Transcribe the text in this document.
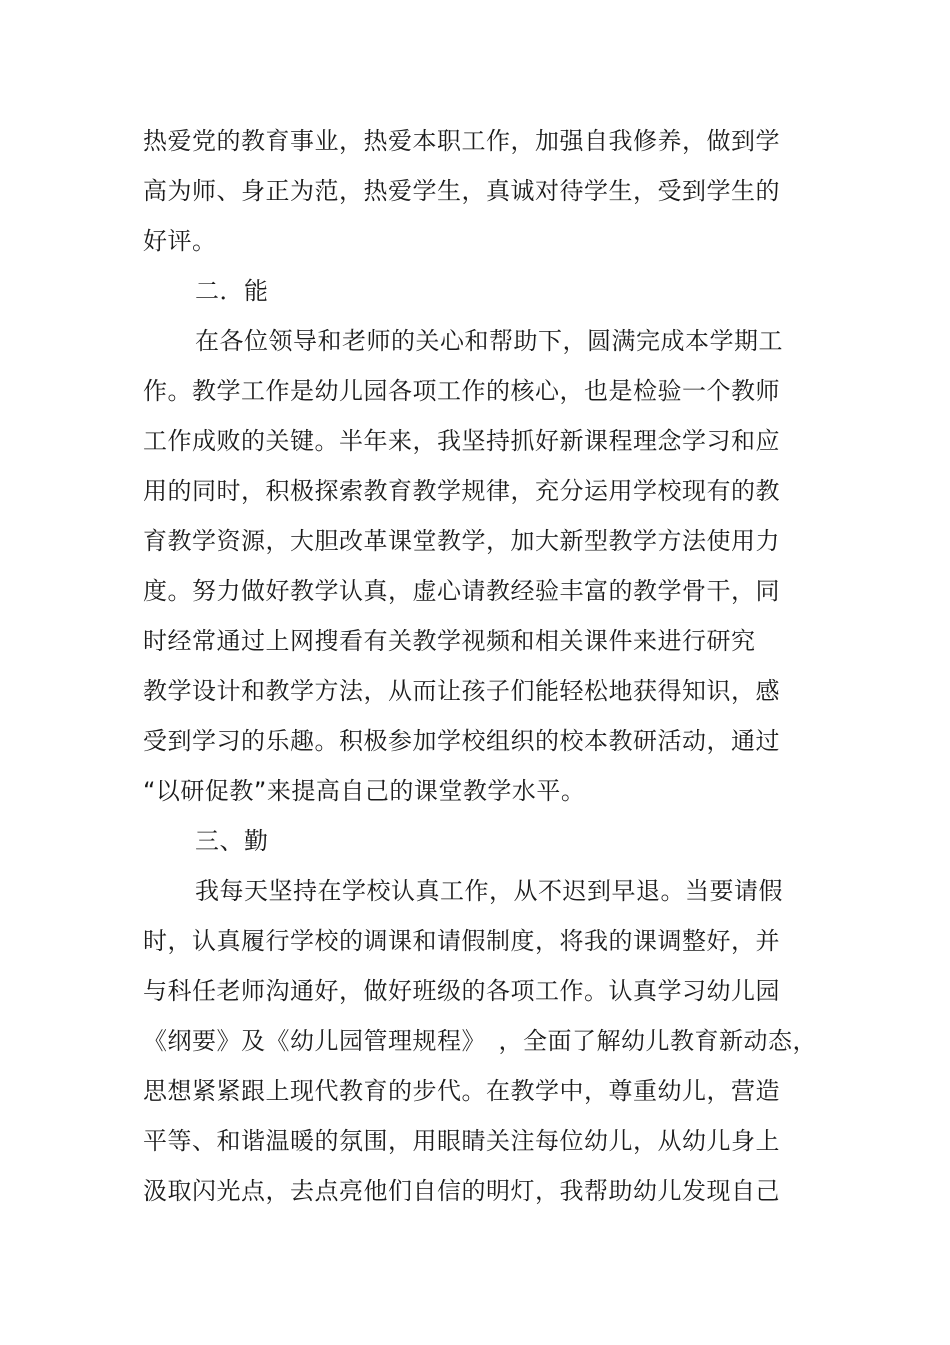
热爱党的教育事业，热爱本职工作，加强自我修养，做到学
高为师、身正为范，热爱学生，真诚对待学生，受到学生的
好评。
二．能
在各位领导和老师的关心和帮助下，圆满完成本学期工
作。教学工作是幼儿园各项工作的核心，也是检验一个教师
工作成败的关键。半年来，我坚持抓好新课程理念学习和应
用的同时，积极探索教育教学规律，充分运用学校现有的教
育教学资源，大胆改革课堂教学，加大新型教学方法使用力
度。努力做好教学认真，虚心请教经验丰富的教学骨干，同
时经常通过上网搜看有关教学视频和相关课件来进行研究
教学设计和教学方法，从而让孩子们能轻松地获得知识，感
受到学习的乐趣。积极参加学校组织的校本教研活动，通过
“以研促教”来提高自己的课堂教学水平。
三、勤
我每天坚持在学校认真工作，从不迟到早退。当要请假
时，认真履行学校的调课和请假制度，将我的课调整好，并
与科任老师沟通好，做好班级的各项工作。认真学习幼儿园
《纲要》及《幼儿园管理规程》　，全面了解幼儿教育新动态，
思想紧紧跟上现代教育的步代。在教学中，尊重幼儿，营造
平等、和谐温暖的氛围，用眼睛关注每位幼儿，从幼儿身上
汲取闪光点，去点亮他们自信的明灯，我帮助幼儿发现自己
